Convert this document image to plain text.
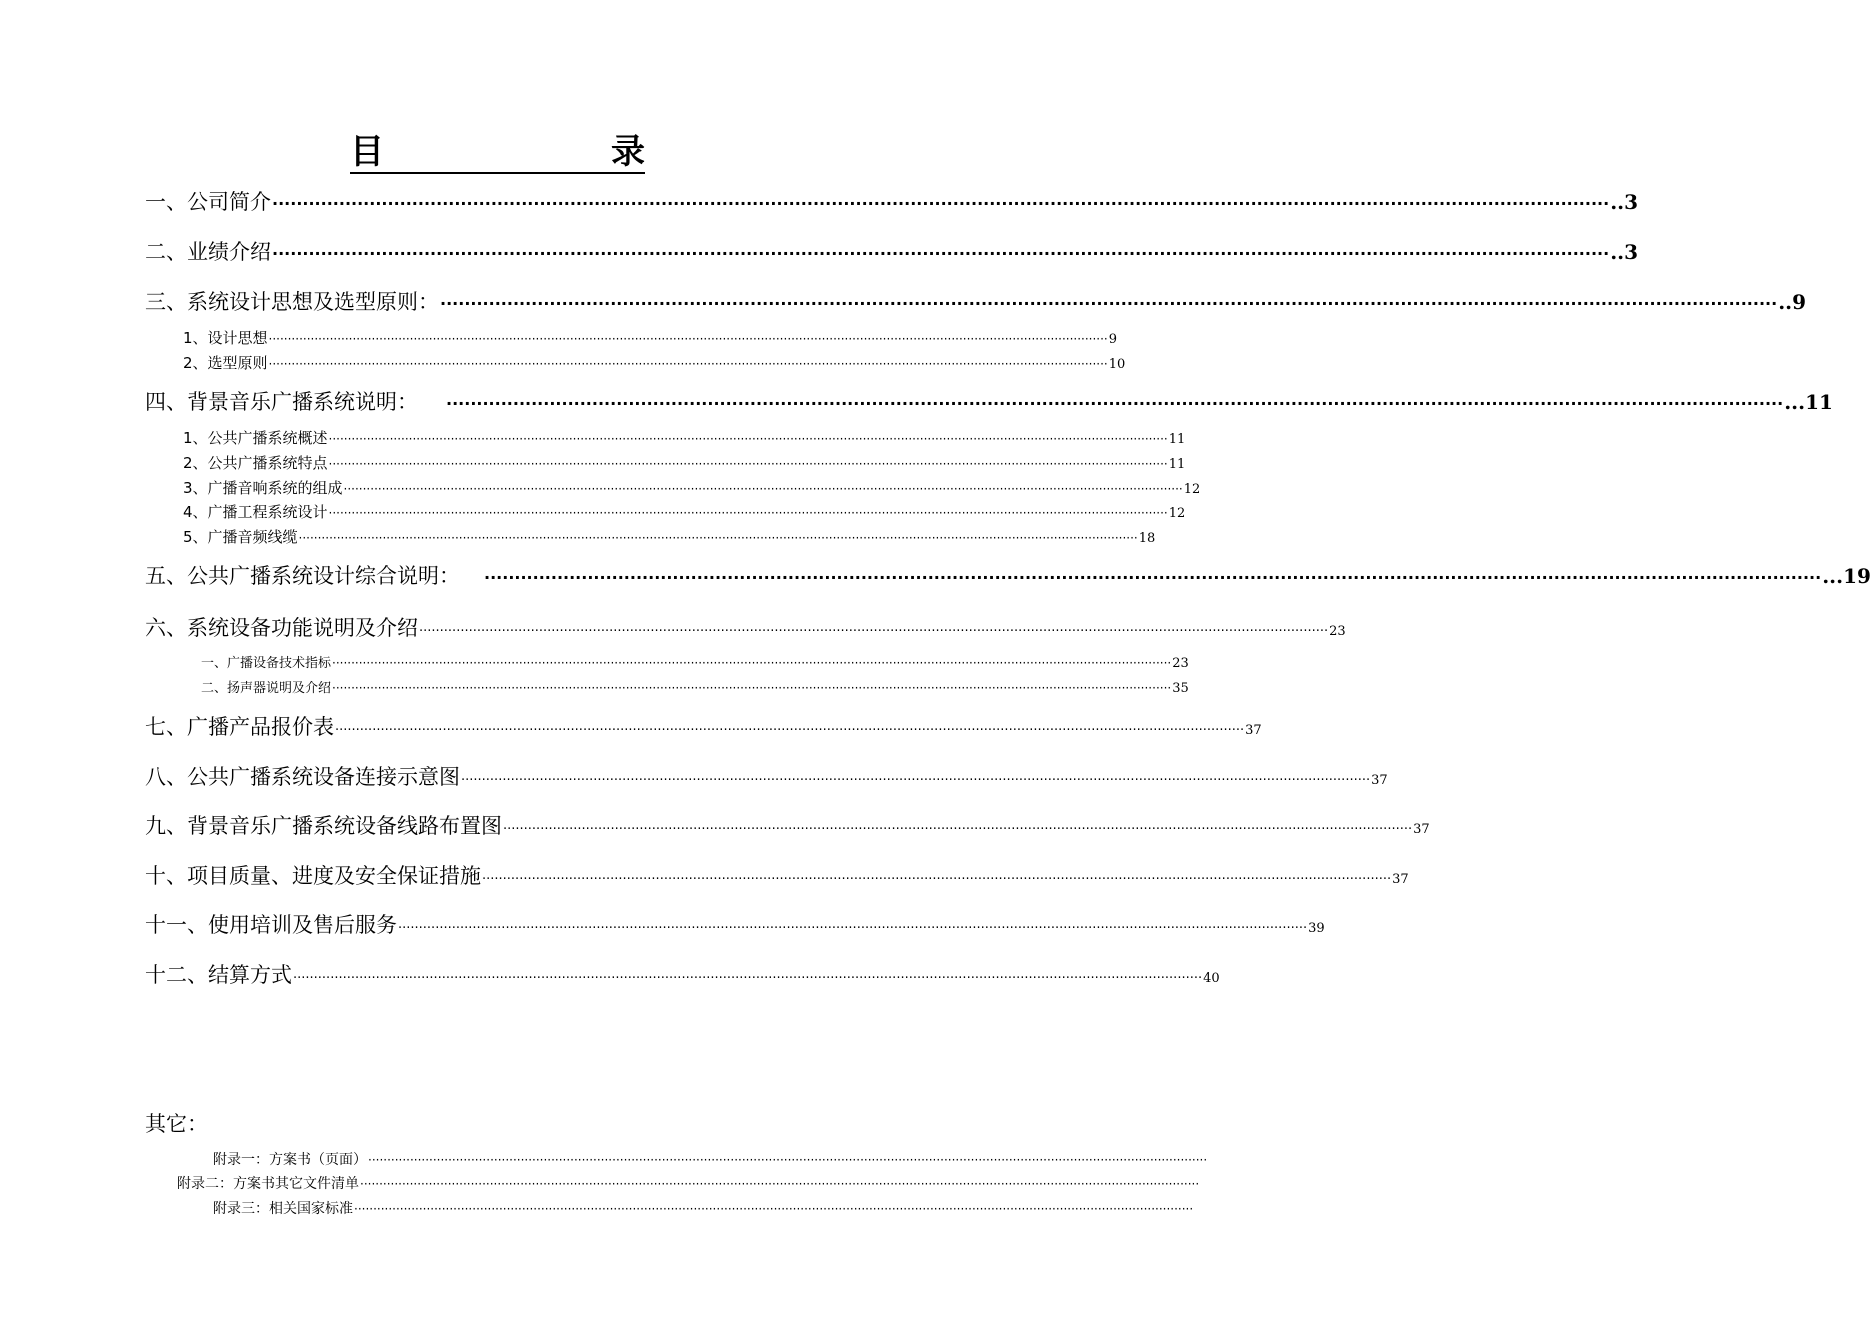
目	录
一、公司简介 ···························································································································································································································· ..3
二、业绩介绍 ···························································································································································································································· ..3
三、系统设计思想及选型原则： ···························································································································································································································· ..9
1、设计思想 ···························································································································································································································· 9
2、选型原则 ···························································································································································································································· 10
四、背景音乐广播系统说明： ···························································································································································································································· ...11
1、公共广播系统概述 ···························································································································································································································· 11
2、公共广播系统特点 ···························································································································································································································· 11
3、广播音响系统的组成 ···························································································································································································································· 12
4、广播工程系统设计 ···························································································································································································································· 12
5、广播音频线缆 ···························································································································································································································· 18
五、公共广播系统设计综合说明： ···························································································································································································································· ...19
六、系统设备功能说明及介绍 ···························································································································································································································· 23
一、广播设备技术指标 ···························································································································································································································· 23
二、扬声器说明及介绍 ···························································································································································································································· 35
七、广播产品报价表 ···························································································································································································································· 37
八、公共广播系统设备连接示意图 ···························································································································································································································· 37
九、背景音乐广播系统设备线路布置图 ···························································································································································································································· 37
十、项目质量、进度及安全保证措施 ···························································································································································································································· 37
十一、使用培训及售后服务 ···························································································································································································································· 39
十二、结算方式 ···························································································································································································································· 40
其它：
附录一：方案书（页面） ····························································································································································································································
附录二：方案书其它文件清单 ····························································································································································································································
附录三：相关国家标准 ····························································································································································································································
